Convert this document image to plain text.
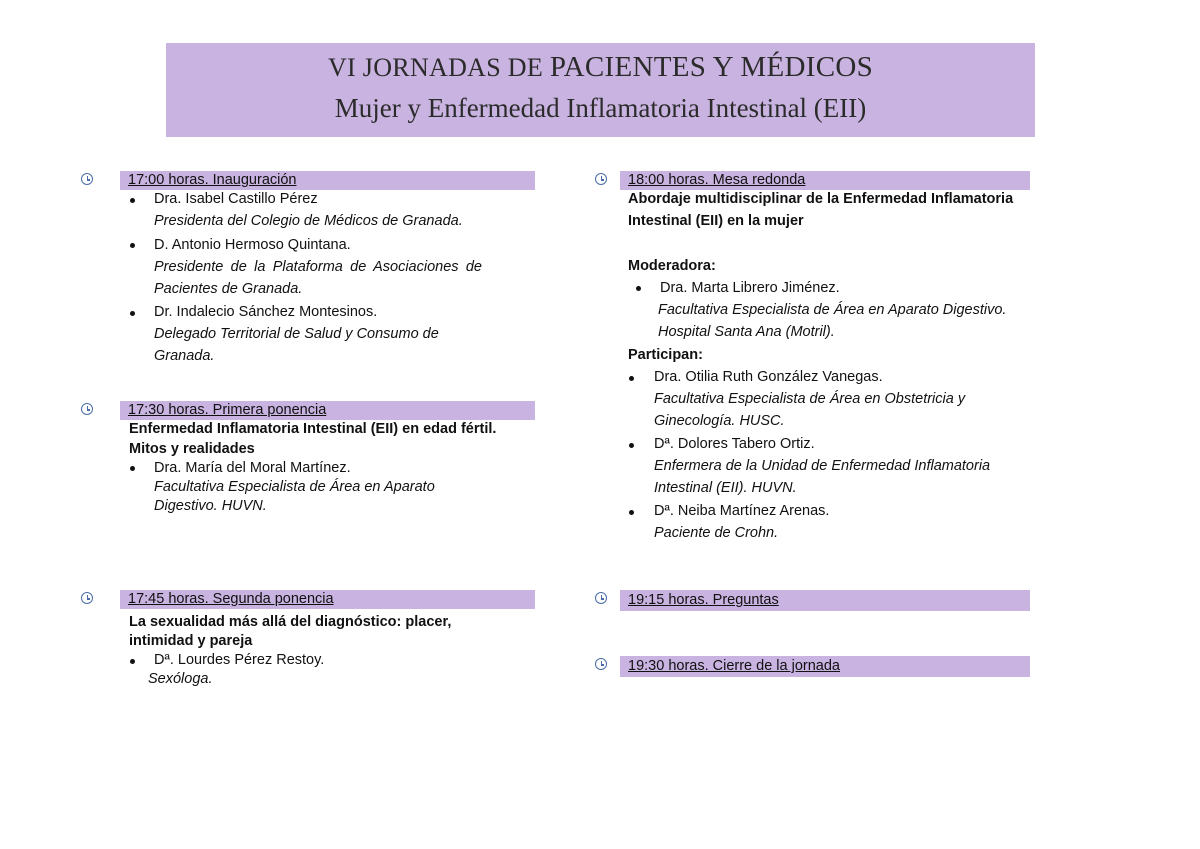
VI JORNADAS DE PACIENTES Y MÉDICOS
Mujer y Enfermedad Inflamatoria Intestinal (EII)
17:00 horas. Inauguración
Dra. Isabel Castillo Pérez
Presidenta del Colegio de Médicos de Granada.
D. Antonio Hermoso Quintana.
Presidente de la Plataforma de Asociaciones de
Pacientes de Granada.
Dr. Indalecio Sánchez Montesinos.
Delegado Territorial de Salud y Consumo de
Granada.
17:30 horas. Primera ponencia
Enfermedad Inflamatoria Intestinal (EII) en edad fértil.
Mitos y realidades
Dra. María del Moral Martínez.
Facultativa Especialista de Área en Aparato
Digestivo. HUVN.
17:45 horas. Segunda ponencia
La sexualidad más allá del diagnóstico: placer,
intimidad y pareja
Dª. Lourdes Pérez Restoy.
Sexóloga.
18:00 horas. Mesa redonda
Abordaje multidisciplinar de la Enfermedad Inflamatoria
Intestinal (EII) en la mujer
Moderadora:
Dra. Marta Librero Jiménez.
Facultativa Especialista de Área en Aparato Digestivo.
Hospital Santa Ana (Motril).
Participan:
Dra. Otilia Ruth González Vanegas.
Facultativa Especialista de Área en Obstetricia y
Ginecología. HUSC.
Dª. Dolores Tabero Ortiz.
Enfermera de la Unidad de Enfermedad Inflamatoria
Intestinal (EII). HUVN.
Dª. Neiba Martínez Arenas.
Paciente de Crohn.
19:15 horas. Preguntas
19:30 horas. Cierre de la jornada
